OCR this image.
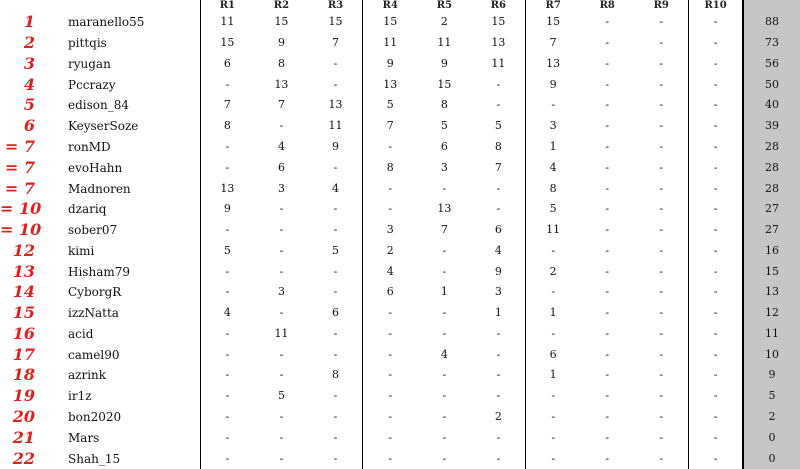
		R1	R2	R3	R4	R5	R6	R7	R8	R9	R10	
1	maranello55	11	15	15	15	2	15	15	-	-	-	88
2	pittqis	15	9	7	11	11	13	7	-	-	-	73
3	ryugan	6	8	-	9	9	11	13	-	-	-	56
4	Pccrazy	-	13	-	13	15	-	9	-	-	-	50
5	edison_84	7	7	13	5	8	-	-	-	-	-	40
6	KeyserSoze	8	-	11	7	5	5	3	-	-	-	39
= 7	ronMD	-	4	9	-	6	8	1	-	-	-	28
= 7	evoHahn	-	6	-	8	3	7	4	-	-	-	28
= 7	Madnoren	13	3	4	-	-	-	8	-	-	-	28
= 10	dzariq	9	-	-	-	13	-	5	-	-	-	27
= 10	sober07	-	-	-	3	7	6	11	-	-	-	27
12	kimi	5	-	5	2	-	4	-	-	-	-	16
13	Hisham79	-	-	-	4	-	9	2	-	-	-	15
14	CyborgR	-	3	-	6	1	3	-	-	-	-	13
15	izzNatta	4	-	6	-	-	1	1	-	-	-	12
16	acid	-	11	-	-	-	-	-	-	-	-	11
17	camel90	-	-	-	-	4	-	6	-	-	-	10
18	azrink	-	-	8	-	-	-	1	-	-	-	9
19	ir1z	-	5	-	-	-	-	-	-	-	-	5
20	bon2020	-	-	-	-	-	2	-	-	-	-	2
21	Mars	-	-	-	-	-	-	-	-	-	-	0
22	Shah_15	-	-	-	-	-	-	-	-	-	-	0
